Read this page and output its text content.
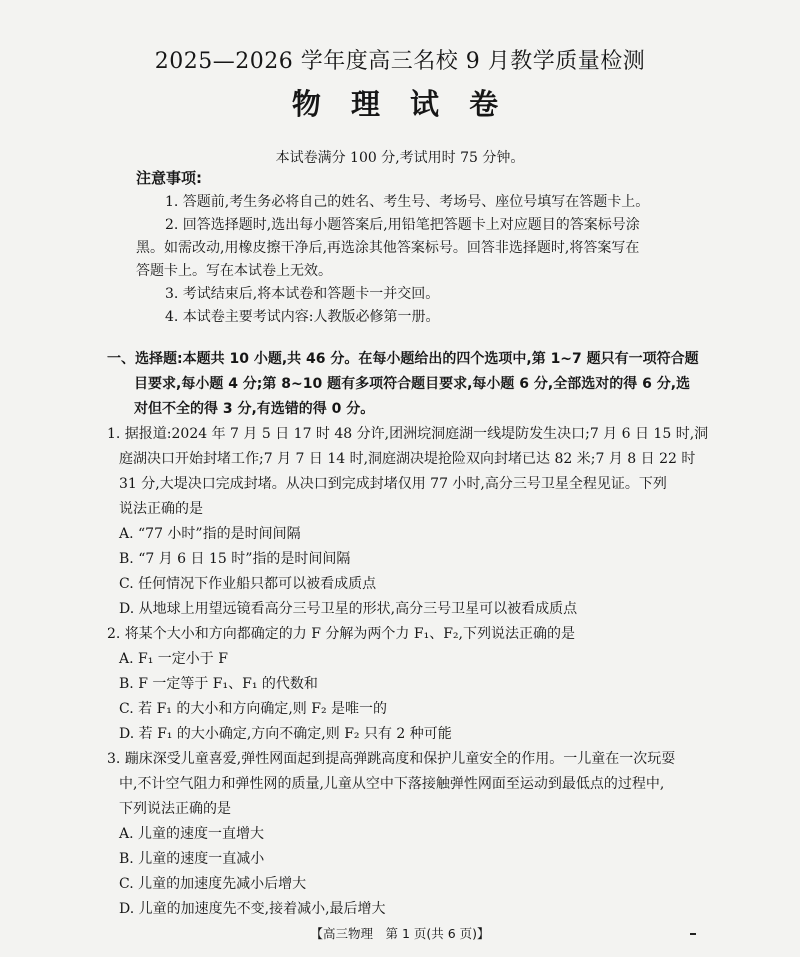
2025—2026 学年度高三名校 9 月教学质量检测
物 理 试 卷
本试卷满分 100 分,考试用时 75 分钟。
注意事项:
1. 答题前,考生务必将自己的姓名、考生号、考场号、座位号填写在答题卡上。
2. 回答选择题时,选出每小题答案后,用铅笔把答题卡上对应题目的答案标号涂
黑。如需改动,用橡皮擦干净后,再选涂其他答案标号。回答非选择题时,将答案写在
答题卡上。写在本试卷上无效。
3. 考试结束后,将本试卷和答题卡一并交回。
4. 本试卷主要考试内容:人教版必修第一册。
一、选择题:本题共 10 小题,共 46 分。在每小题给出的四个选项中,第 1~7 题只有一项符合题
目要求,每小题 4 分;第 8~10 题有多项符合题目要求,每小题 6 分,全部选对的得 6 分,选
对但不全的得 3 分,有选错的得 0 分。
1. 据报道:2024 年 7 月 5 日 17 时 48 分许,团洲垸洞庭湖一线堤防发生决口;7 月 6 日 15 时,洞
庭湖决口开始封堵工作;7 月 7 日 14 时,洞庭湖决堤抢险双向封堵已达 82 米;7 月 8 日 22 时
31 分,大堤决口完成封堵。从决口到完成封堵仅用 77 小时,高分三号卫星全程见证。下列
说法正确的是
A. “77 小时”指的是时间间隔
B. “7 月 6 日 15 时”指的是时间间隔
C. 任何情况下作业船只都可以被看成质点
D. 从地球上用望远镜看高分三号卫星的形状,高分三号卫星可以被看成质点
2. 将某个大小和方向都确定的力 F 分解为两个力 F₁、F₂,下列说法正确的是
A. F₁ 一定小于 F
B. F 一定等于 F₁、F₁ 的代数和
C. 若 F₁ 的大小和方向确定,则 F₂ 是唯一的
D. 若 F₁ 的大小确定,方向不确定,则 F₂ 只有 2 种可能
3. 蹦床深受儿童喜爱,弹性网面起到提高弹跳高度和保护儿童安全的作用。一儿童在一次玩耍
中,不计空气阻力和弹性网的质量,儿童从空中下落接触弹性网面至运动到最低点的过程中,
下列说法正确的是
A. 儿童的速度一直增大
B. 儿童的速度一直减小
C. 儿童的加速度先减小后增大
D. 儿童的加速度先不变,接着减小,最后增大
【高三物理　第 1 页(共 6 页)】
